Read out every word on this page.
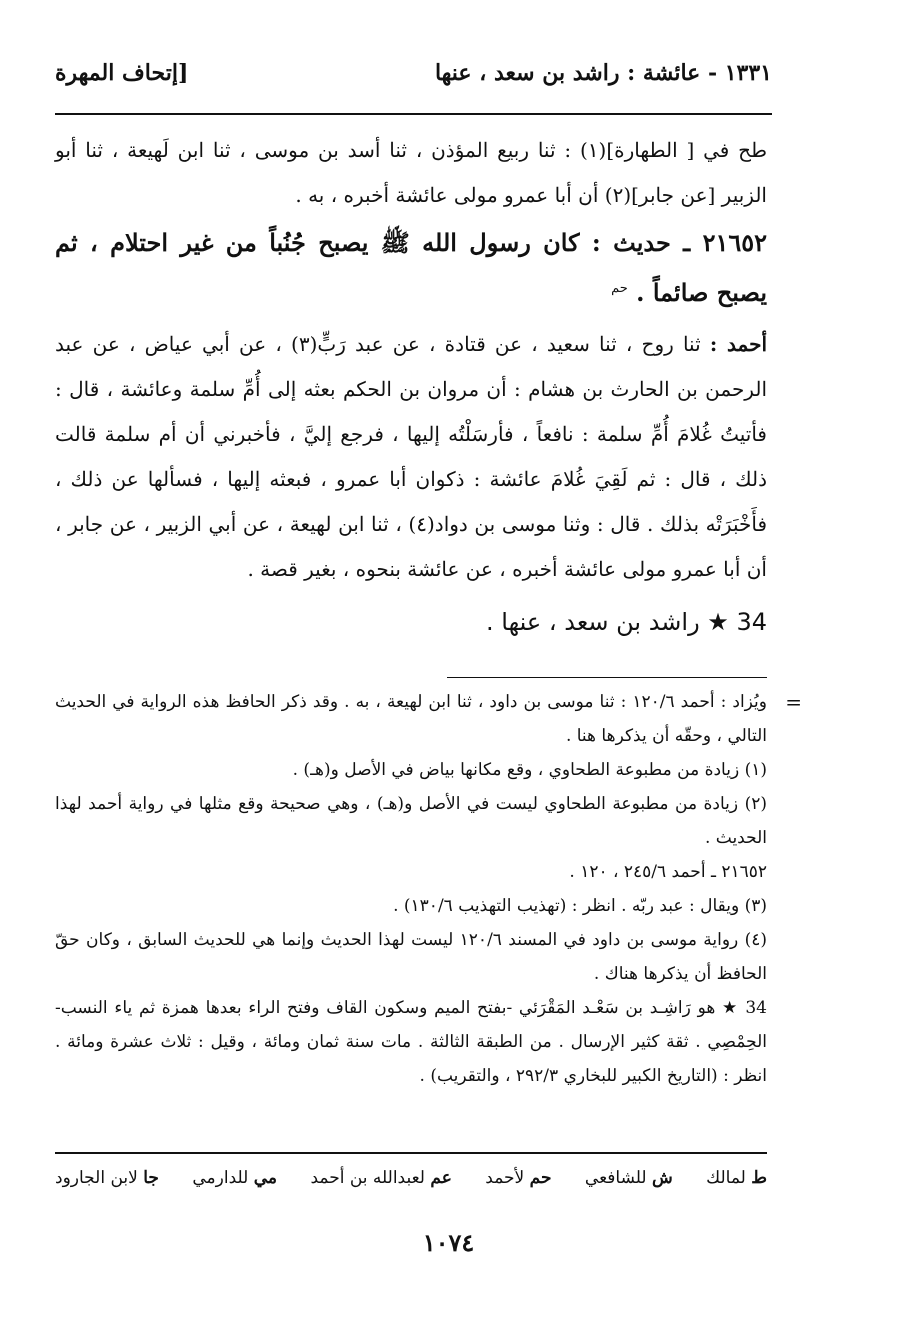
١٣٣١ - عائشة : راشد بن سعد ، عنها
[إتحاف المهرة

طح في [ الطهارة](١) : ثنا ربيع المؤذن ، ثنا أسد بن موسى ، ثنا ابن لَهيعة ، ثنا أبو الزبير [عن جابر](٢) أن أبا عمرو مولى عائشة أخبره ، به .

٢١٦٥٢ ـ حديث : كان رسول الله ﷺ يصبح جُنُباً من غير احتلام ، ثم يصبح صائماً . $^{حم}$

أحمد : ثنا روح ، ثنا سعيد ، عن قتادة ، عن عبد رَبٍّ(٣) ، عن أبي عياض ، عن عبد الرحمن بن الحارث بن هشام : أن مروان بن الحكم بعثه إلى أُمِّ سلمة وعائشة ، قال : فأتيتُ غُلامَ أُمِّ سلمة : نافعاً ، فأرسَلْتُه إليها ، فرجع إليَّ ، فأخبرني أن أم سلمة قالت ذلك ، قال : ثم لَقِيَ غُلامَ عائشة : ذكوان أبا عمرو ، فبعثه إليها ، فسألها عن ذلك ، فأَخْبَرَتْه بذلك . قال : وثنا موسى بن دواد(٤) ، ثنا ابن لهيعة ، عن أبي الزبير ، عن جابر ، أن أبا عمرو مولى عائشة أخبره ، عن عائشة بنحوه ، بغير قصة .

34 ★ راشد بن سعد ، عنها .

=

ويُزاد : أحمد ١٢٠/٦ : ثنا موسى بن داود ، ثنا ابن لهيعة ، به . وقد ذكر الحافظ هذه الرواية في الحديث التالي ، وحقّه أن يذكرها هنا .

(١) زيادة من مطبوعة الطحاوي ، وقع مكانها بياض في الأصل و(هـ) .

(٢) زيادة من مطبوعة الطحاوي ليست في الأصل و(هـ) ، وهي صحيحة وقع مثلها في رواية أحمد لهذا الحديث .

٢١٦٥٢ ـ أحمد ٢٤٥/٦ ، ١٢٠ .

(٣) ويقال : عبد ربّه . انظر : (تهذيب التهذيب ١٣٠/٦) .

(٤) رواية موسى بن داود في المسند ١٢٠/٦ ليست لهذا الحديث وإنما هي للحديث السابق ، وكان حقّ الحافظ أن يذكرها هناك .

34 ★ هو رَاشِـد بن سَعْـد المَقْرَئي -بفتح الميم وسكون القاف وفتح الراء بعدها همزة ثم ياء النسب- الحِمْصِي . ثقة كثير الإرسال . من الطبقة الثالثة . مات سنة ثمان ومائة ، وقيل : ثلاث عشرة ومائة . انظر : (التاريخ الكبير للبخاري ٢٩٢/٣ ، والتقريب) .

ط لمالك
ش للشافعي
حم لأحمد
عم لعبدالله بن أحمد
مي للدارمي
جا لابن الجارود
١٠٧٤
